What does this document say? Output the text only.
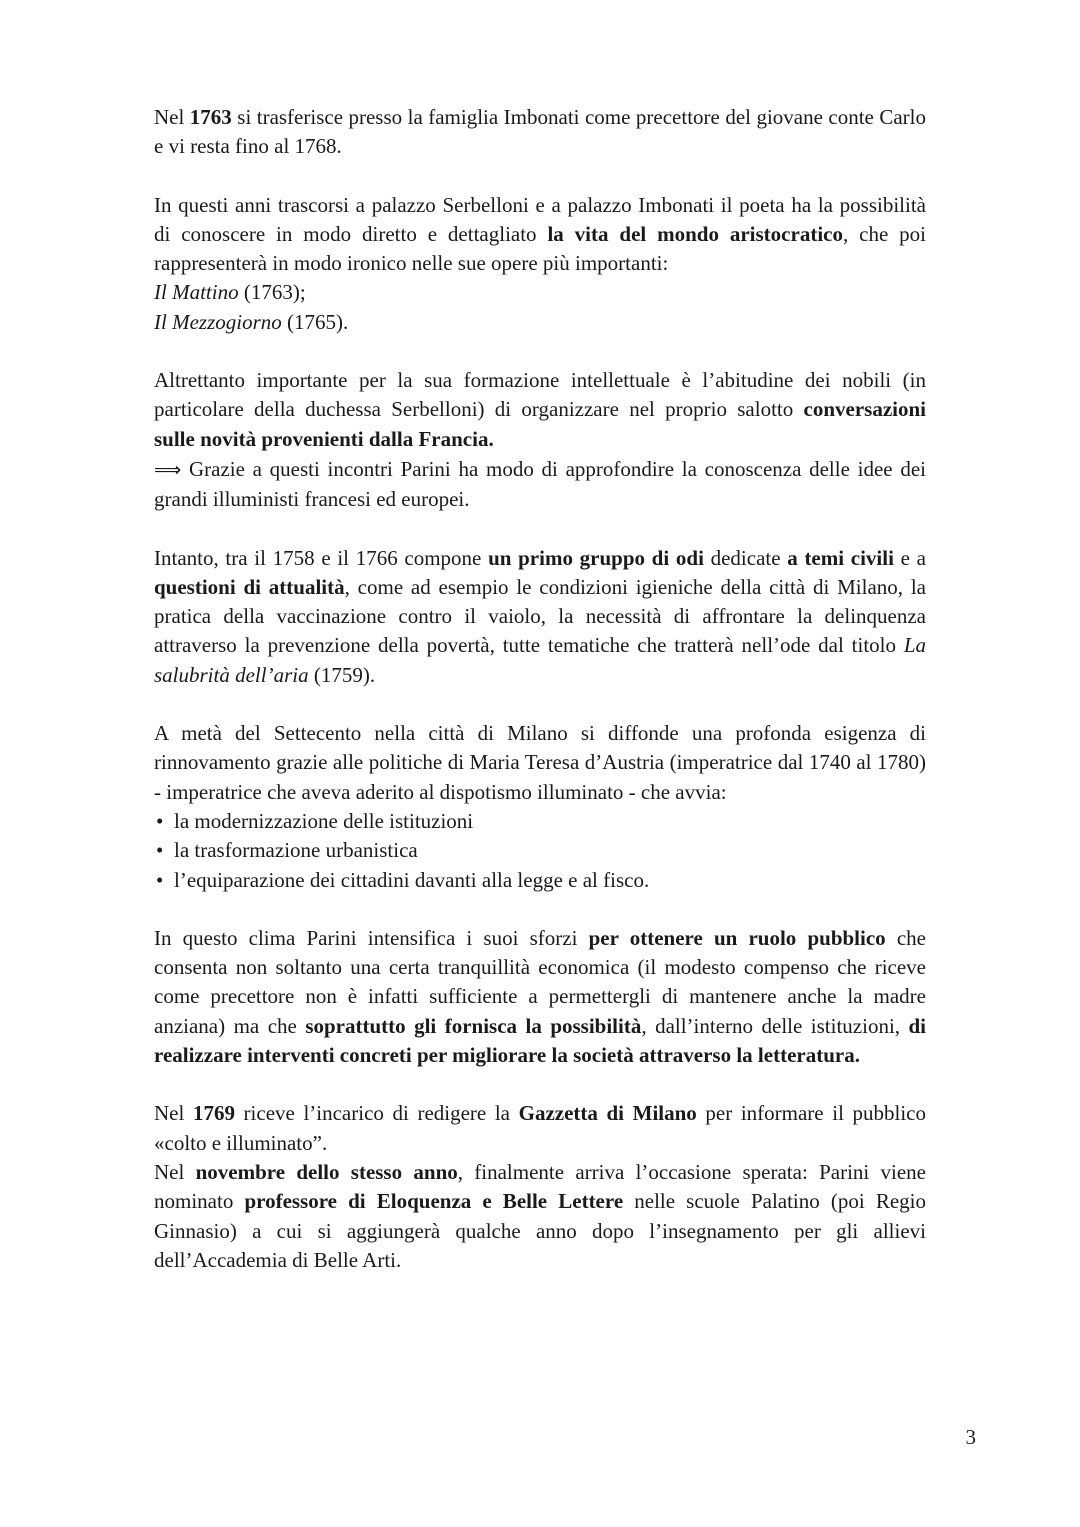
Nel 1763 si trasferisce presso la famiglia Imbonati come precettore del giovane conte Carlo e vi resta fino al 1768.

In questi anni trascorsi a palazzo Serbelloni e a palazzo Imbonati il poeta ha la possibilità di conoscere in modo diretto e dettagliato la vita del mondo aristocratico, che poi rappresenterà in modo ironico nelle sue opere più importanti:

Il Mattino (1763);
Il Mezzogiorno (1765).

Altrettanto importante per la sua formazione intellettuale è l’abitudine dei nobili (in particolare della duchessa Serbelloni) di organizzare nel proprio salotto conversazioni sulle novità provenienti dalla Francia.

⟹ Grazie a questi incontri Parini ha modo di approfondire la conoscenza delle idee dei grandi illuministi francesi ed europei.

Intanto, tra il 1758 e il 1766 compone un primo gruppo di odi dedicate a temi civili e a questioni di attualità, come ad esempio le condizioni igieniche della città di Milano, la pratica della vaccinazione contro il vaiolo, la necessità di affrontare la delinquenza attraverso la prevenzione della povertà, tutte tematiche che tratterà nell’ode dal titolo La salubrità dell’aria (1759).

A metà del Settecento nella città di Milano si diffonde una profonda esigenza di rinnovamento grazie alle politiche di Maria Teresa d’Austria (imperatrice dal 1740 al 1780) - imperatrice che aveva aderito al dispotismo illuminato - che avvia:

• la modernizzazione delle istituzioni
• la trasformazione urbanistica
• l’equiparazione dei cittadini davanti alla legge e al fisco.

In questo clima Parini intensifica i suoi sforzi per ottenere un ruolo pubblico che consenta non soltanto una certa tranquillità economica (il modesto compenso che riceve come precettore non è infatti sufficiente a permettergli di mantenere anche la madre anziana) ma che soprattutto gli fornisca la possibilità, dall’interno delle istituzioni, di realizzare interventi concreti per migliorare la società attraverso la letteratura.

Nel 1769 riceve l’incarico di redigere la Gazzetta di Milano per informare il pubblico «colto e illuminato”.

Nel novembre dello stesso anno, finalmente arriva l’occasione sperata: Parini viene nominato professore di Eloquenza e Belle Lettere nelle scuole Palatino (poi Regio Ginnasio) a cui si aggiungerà qualche anno dopo l’insegnamento per gli allievi dell’Accademia di Belle Arti.

3
